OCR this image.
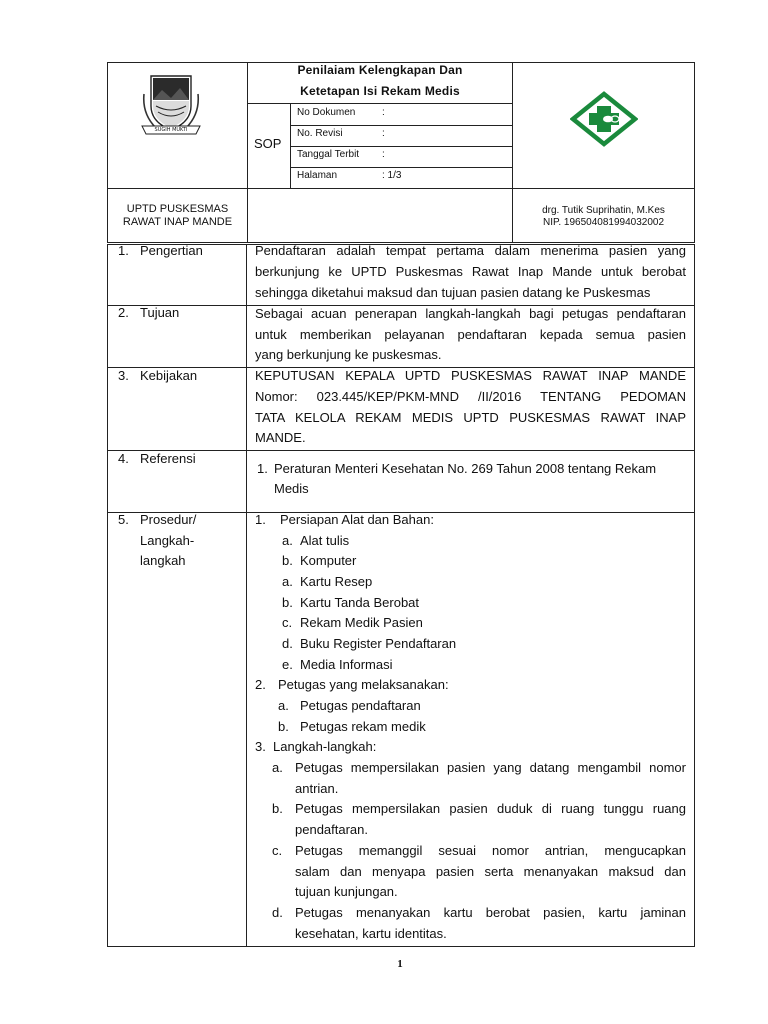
SUGIH MUKTI
Penilaiam Kelengkapan Dan
Ketetapan Isi Rekam Medis
SOP
No Dokumen	:
No. Revisi	:
Tanggal Terbit :
Halaman	: 1/3
UPTD PUSKESMAS
RAWAT INAP MANDE
drg. Tutik Suprihatin, M.Kes
NIP. 196504081994032002
1. Pengertian	Pendaftaran adalah tempat pertama dalam menerima pasien yang
berkunjung ke UPTD Puskesmas Rawat Inap Mande untuk berobat
sehingga diketahui maksud dan tujuan pasien datang ke Puskesmas
2. Tujuan	Sebagai acuan penerapan langkah-langkah bagi petugas pendaftaran
untuk memberikan pelayanan pendaftaran kepada semua pasien
yang berkunjung ke puskesmas.
3. Kebijakan	KEPUTUSAN KEPALA UPTD PUSKESMAS RAWAT INAP MANDE
Nomor: 023.445/KEP/PKM-MND /II/2016 TENTANG PEDOMAN
TATA KELOLA REKAM MEDIS UPTD PUSKESMAS RAWAT INAP
MANDE.
4. Referensi
1. Peraturan Menteri Kesehatan No. 269 Tahun 2008 tentang Rekam
Medis
5. Prosedur/
Langkah-
langkah
1. Persiapan Alat dan Bahan:
a. Alat tulis
b. Komputer
a. Kartu Resep
b. Kartu Tanda Berobat
c. Rekam Medik Pasien
d. Buku Register Pendaftaran
e. Media Informasi
2. Petugas yang melaksanakan:
a. Petugas pendaftaran
b. Petugas rekam medik
3. Langkah-langkah:
a. Petugas mempersilakan pasien yang datang mengambil nomor
antrian.
b. Petugas mempersilakan pasien duduk di ruang tunggu ruang
pendaftaran.
c. Petugas memanggil sesuai nomor antrian, mengucapkan
salam dan menyapa pasien serta menanyakan maksud dan
tujuan kunjungan.
d. Petugas menanyakan kartu berobat pasien, kartu jaminan
kesehatan, kartu identitas.
1
